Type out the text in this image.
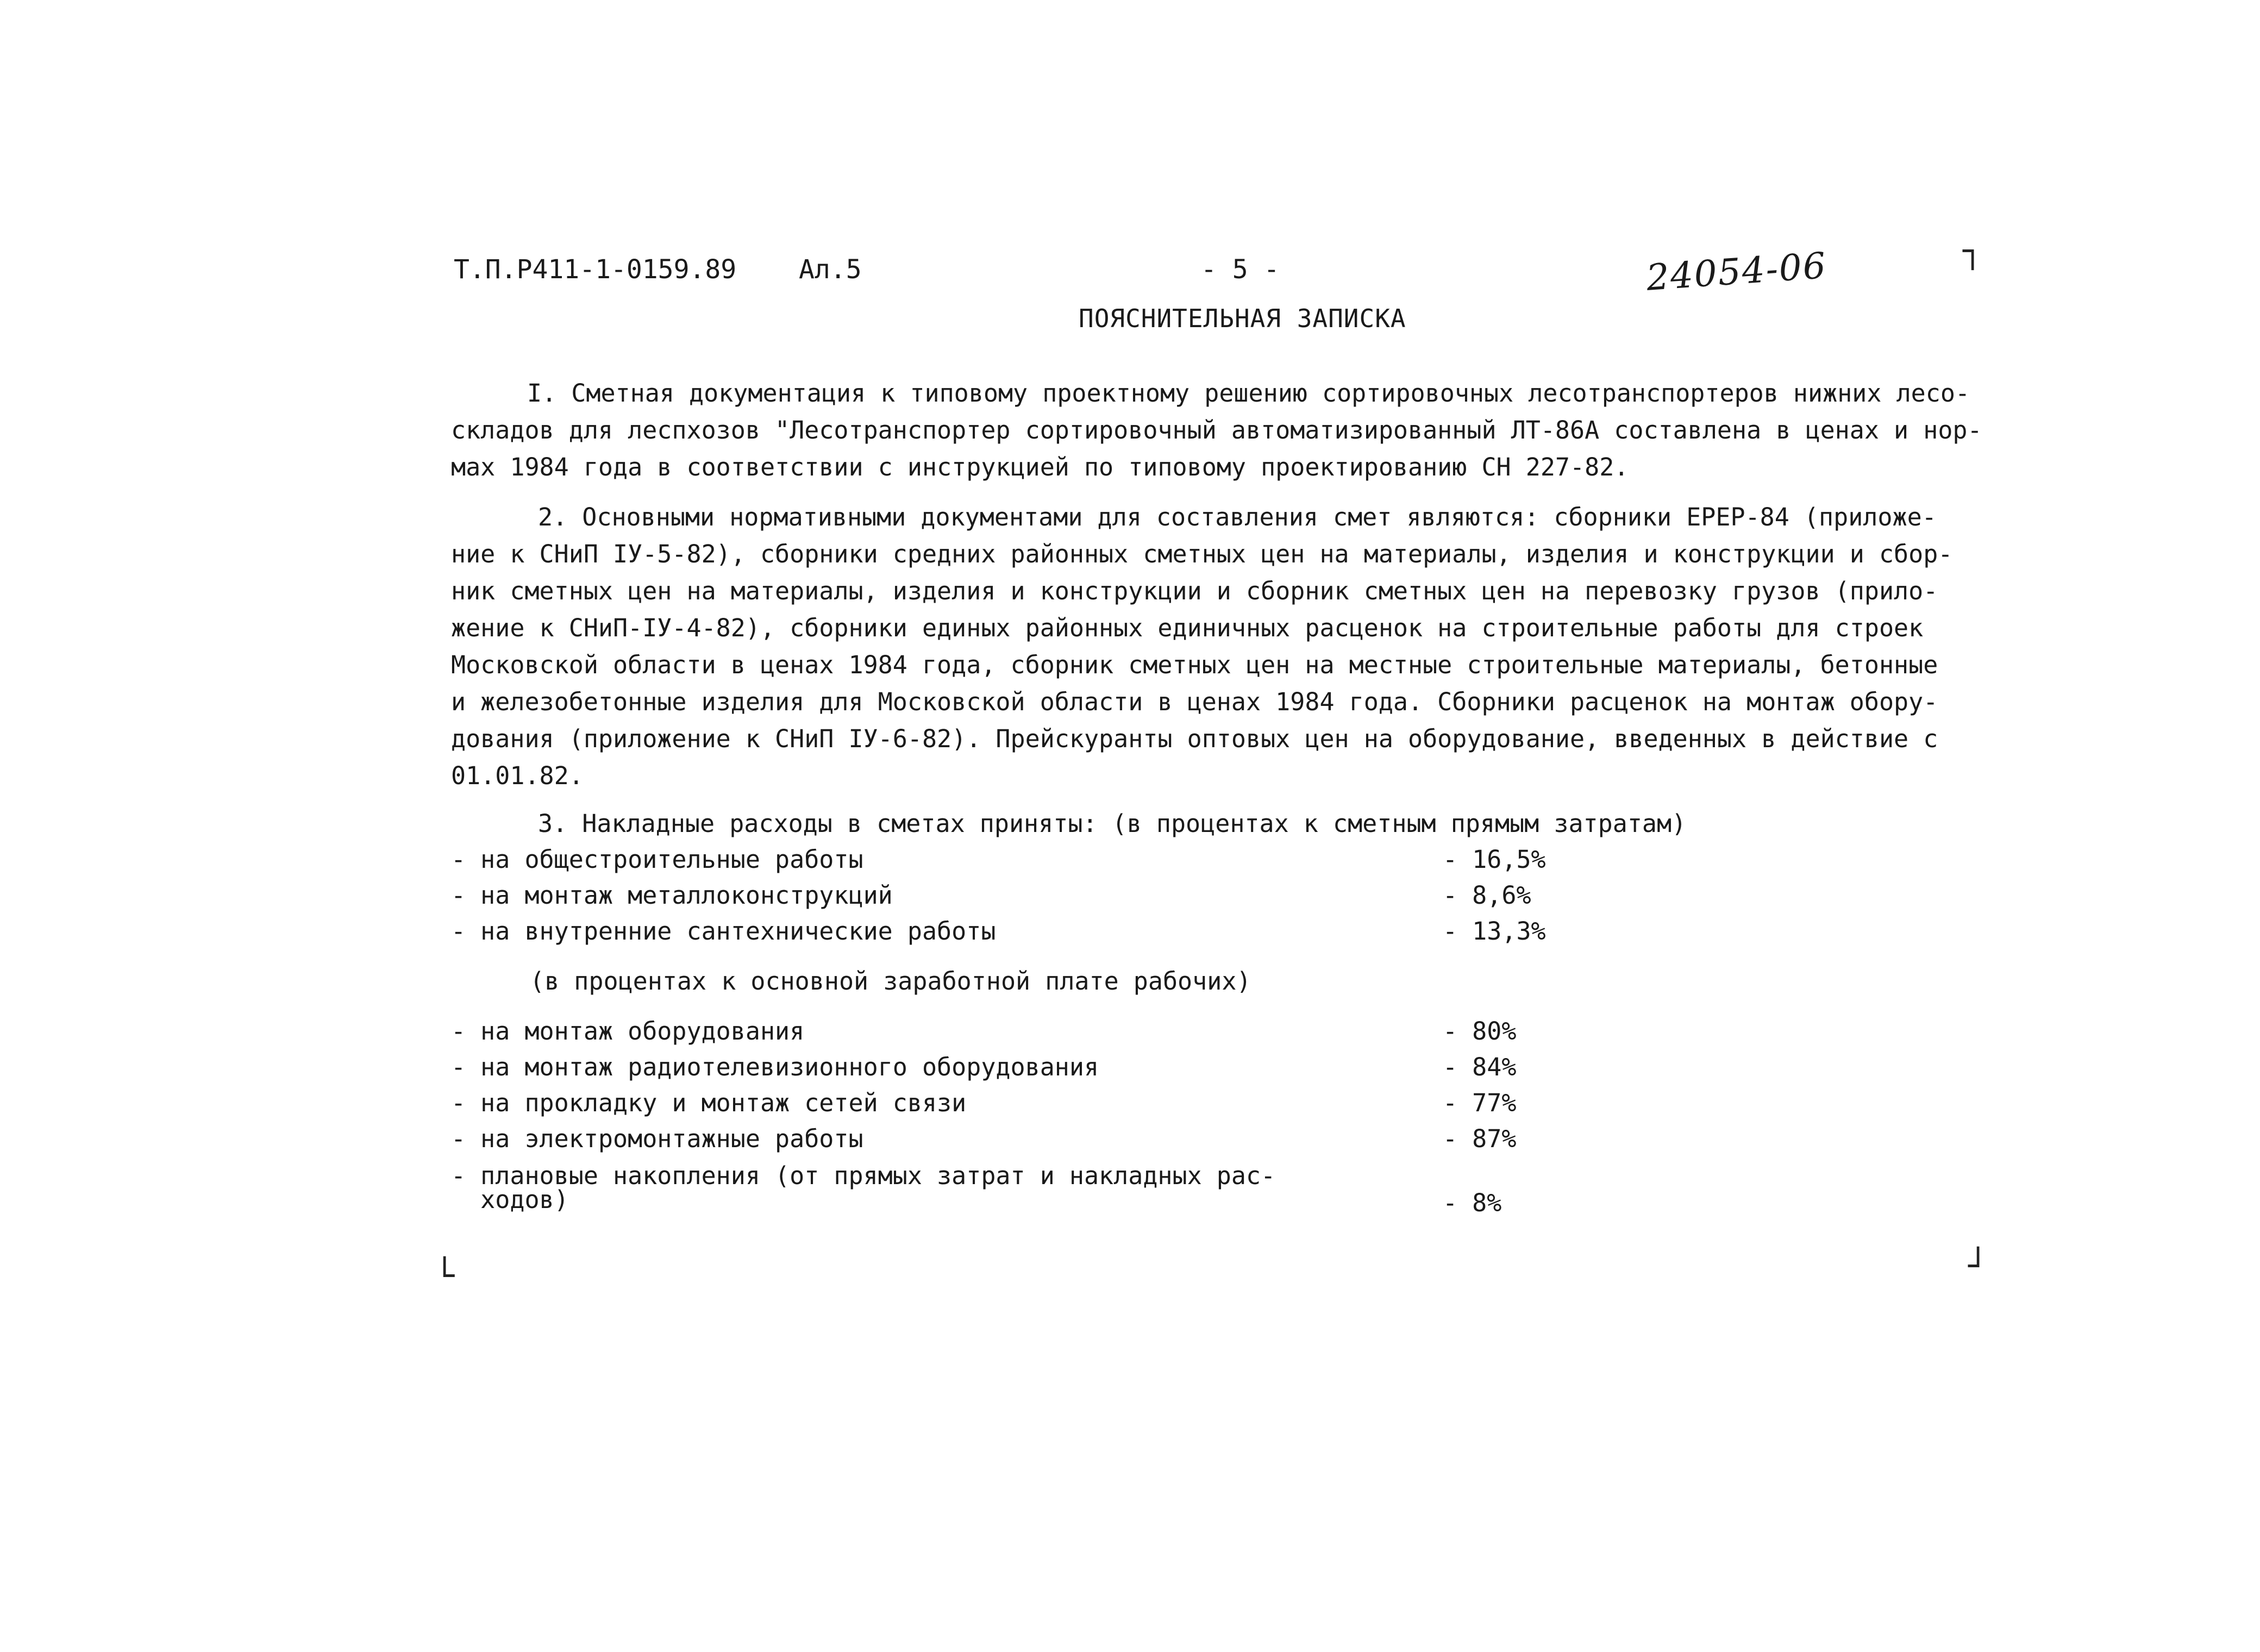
┐
└	┘
Т.П.Р411-1-0159.89 Ал.5	- 5 -	24054-06
ПОЯСНИТЕЛЬНАЯ ЗАПИСКА
I. Сметная документация к типовому проектному решению сортировочных лесотранспортеров нижних лесо-
складов для леспхозов "Лесотранспортер сортировочный автоматизированный ЛТ-86А составлена в ценах и нор-
мах 1984 года в соответствии с инструкцией по типовому проектированию СН 227-82.
2. Основными нормативными документами для составления смет являются: сборники ЕРЕР-84 (приложе-
ние к СНиП IУ-5-82), сборники средних районных сметных цен на материалы, изделия и конструкции и сбор-
ник сметных цен на материалы, изделия и конструкции и сборник сметных цен на перевозку грузов (прило-
жение к СНиП-IУ-4-82), сборники единых районных единичных расценок на строительные работы для строек
Московской области в ценах 1984 года, сборник сметных цен на местные строительные материалы, бетонные
и железобетонные изделия для Московской области в ценах 1984 года. Сборники расценок на монтаж обору-
дования (приложение к СНиП IУ-6-82). Прейскуранты оптовых цен на оборудование, введенных в действие с
01.01.82.
3. Накладные расходы в сметах приняты: (в процентах к сметным прямым затратам)
- на общестроительные работы	- 16,5%
- на монтаж металлоконструкций	- 8,6%
- на внутренние сантехнические работы	- 13,3%
(в процентах к основной заработной плате рабочих)
- на монтаж оборудования	- 80%
- на монтаж радиотелевизионного оборудования	- 84%
- на прокладку и монтаж сетей связи	- 77%
- на электромонтажные работы	- 87%
- плановые накопления (от прямых затрат и накладных рас-
ходов)	- 8%
